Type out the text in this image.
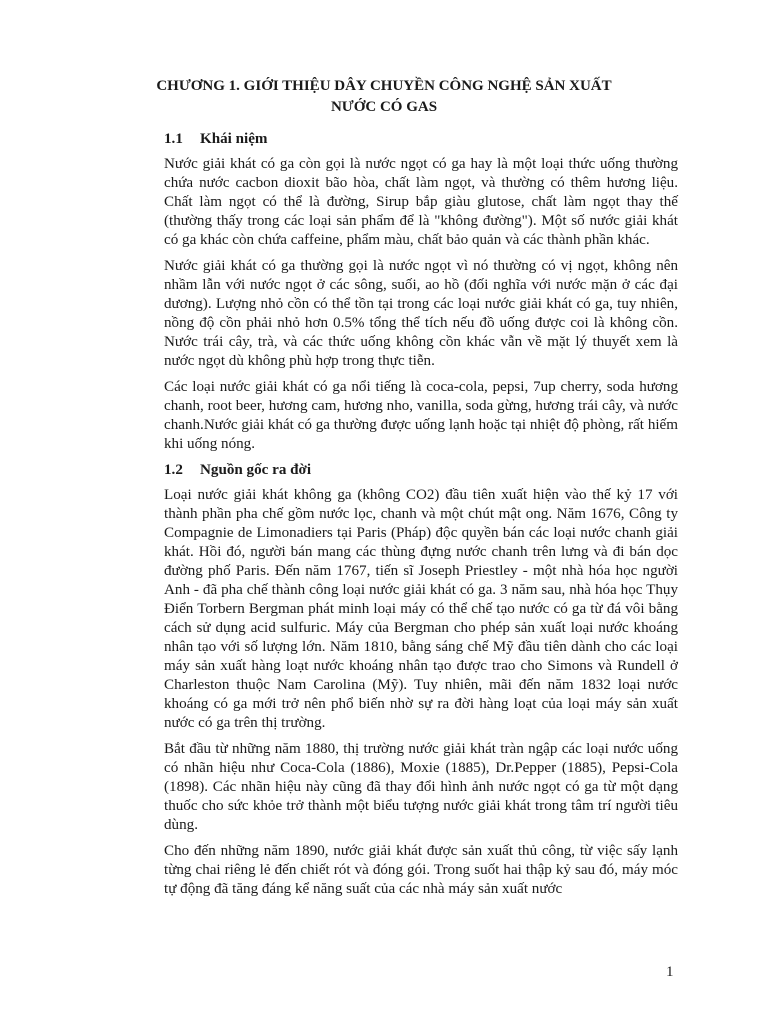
CHƯƠNG 1. GIỚI THIỆU DÂY CHUYỀN CÔNG NGHỆ SẢN XUẤT
NƯỚC CÓ GAS
1.1 Khái niệm

Nước giải khát có ga còn gọi là nước ngọt có ga hay là một loại thức uống thường chứa nước cacbon dioxit bão hòa, chất làm ngọt, và thường có thêm hương liệu. Chất làm ngọt có thể là đường, Sirup bắp giàu glutose, chất làm ngọt thay thế (thường thấy trong các loại sản phẩm để là "không đường"). Một số nước giải khát có ga khác còn chứa caffeine, phẩm màu, chất bảo quản và các thành phần khác.

Nước giải khát có ga thường gọi là nước ngọt vì nó thường có vị ngọt, không nên nhầm lẫn với nước ngọt ở các sông, suối, ao hồ (đối nghĩa với nước mặn ở các đại dương). Lượng nhỏ cồn có thể tồn tại trong các loại nước giải khát có ga, tuy nhiên, nồng độ cồn phải nhỏ hơn 0.5% tổng thể tích nếu đồ uống được coi là không cồn. Nước trái cây, trà, và các thức uống không cồn khác vẫn về mặt lý thuyết xem là nước ngọt dù không phù hợp trong thực tiễn.

Các loại nước giải khát có ga nổi tiếng là coca-cola, pepsi, 7up cherry, soda hương chanh, root beer, hương cam, hương nho, vanilla, soda gừng, hương trái cây, và nước chanh.Nước giải khát có ga thường được uống lạnh hoặc tại nhiệt độ phòng, rất hiếm khi uống nóng.

1.2 Nguồn gốc ra đời

Loại nước giải khát không ga (không CO2) đầu tiên xuất hiện vào thế kỷ 17 với thành phần pha chế gồm nước lọc, chanh và một chút mật ong. Năm 1676, Công ty Compagnie de Limonadiers tại Paris (Pháp) độc quyền bán các loại nước chanh giải khát. Hồi đó, người bán mang các thùng đựng nước chanh trên lưng và đi bán dọc đường phố Paris. Đến năm 1767, tiến sĩ Joseph Priestley - một nhà hóa học người Anh - đã pha chế thành công loại nước giải khát có ga. 3 năm sau, nhà hóa học Thụy Điển Torbern Bergman phát minh loại máy có thể chế tạo nước có ga từ đá vôi bằng cách sử dụng acid sulfuric. Máy của Bergman cho phép sản xuất loại nước khoáng nhân tạo với số lượng lớn. Năm 1810, bằng sáng chế Mỹ đầu tiên dành cho các loại máy sản xuất hàng loạt nước khoáng nhân tạo được trao cho Simons và Rundell ở Charleston thuộc Nam Carolina (Mỹ). Tuy nhiên, mãi đến năm 1832 loại nước khoáng có ga mới trở nên phổ biến nhờ sự ra đời hàng loạt của loại máy sản xuất nước có ga trên thị trường.

Bắt đầu từ những năm 1880, thị trường nước giải khát tràn ngập các loại nước uống có nhãn hiệu như Coca-Cola (1886), Moxie (1885), Dr.Pepper (1885), Pepsi-Cola (1898). Các nhãn hiệu này cũng đã thay đổi hình ảnh nước ngọt có ga từ một dạng thuốc cho sức khỏe trở thành một biểu tượng nước giải khát trong tâm trí người tiêu dùng.

Cho đến những năm 1890, nước giải khát được sản xuất thủ công, từ việc sấy lạnh từng chai riêng lẻ đến chiết rót và đóng gói. Trong suốt hai thập kỷ sau đó, máy móc tự động đã tăng đáng kể năng suất của các nhà máy sản xuất nước

1
